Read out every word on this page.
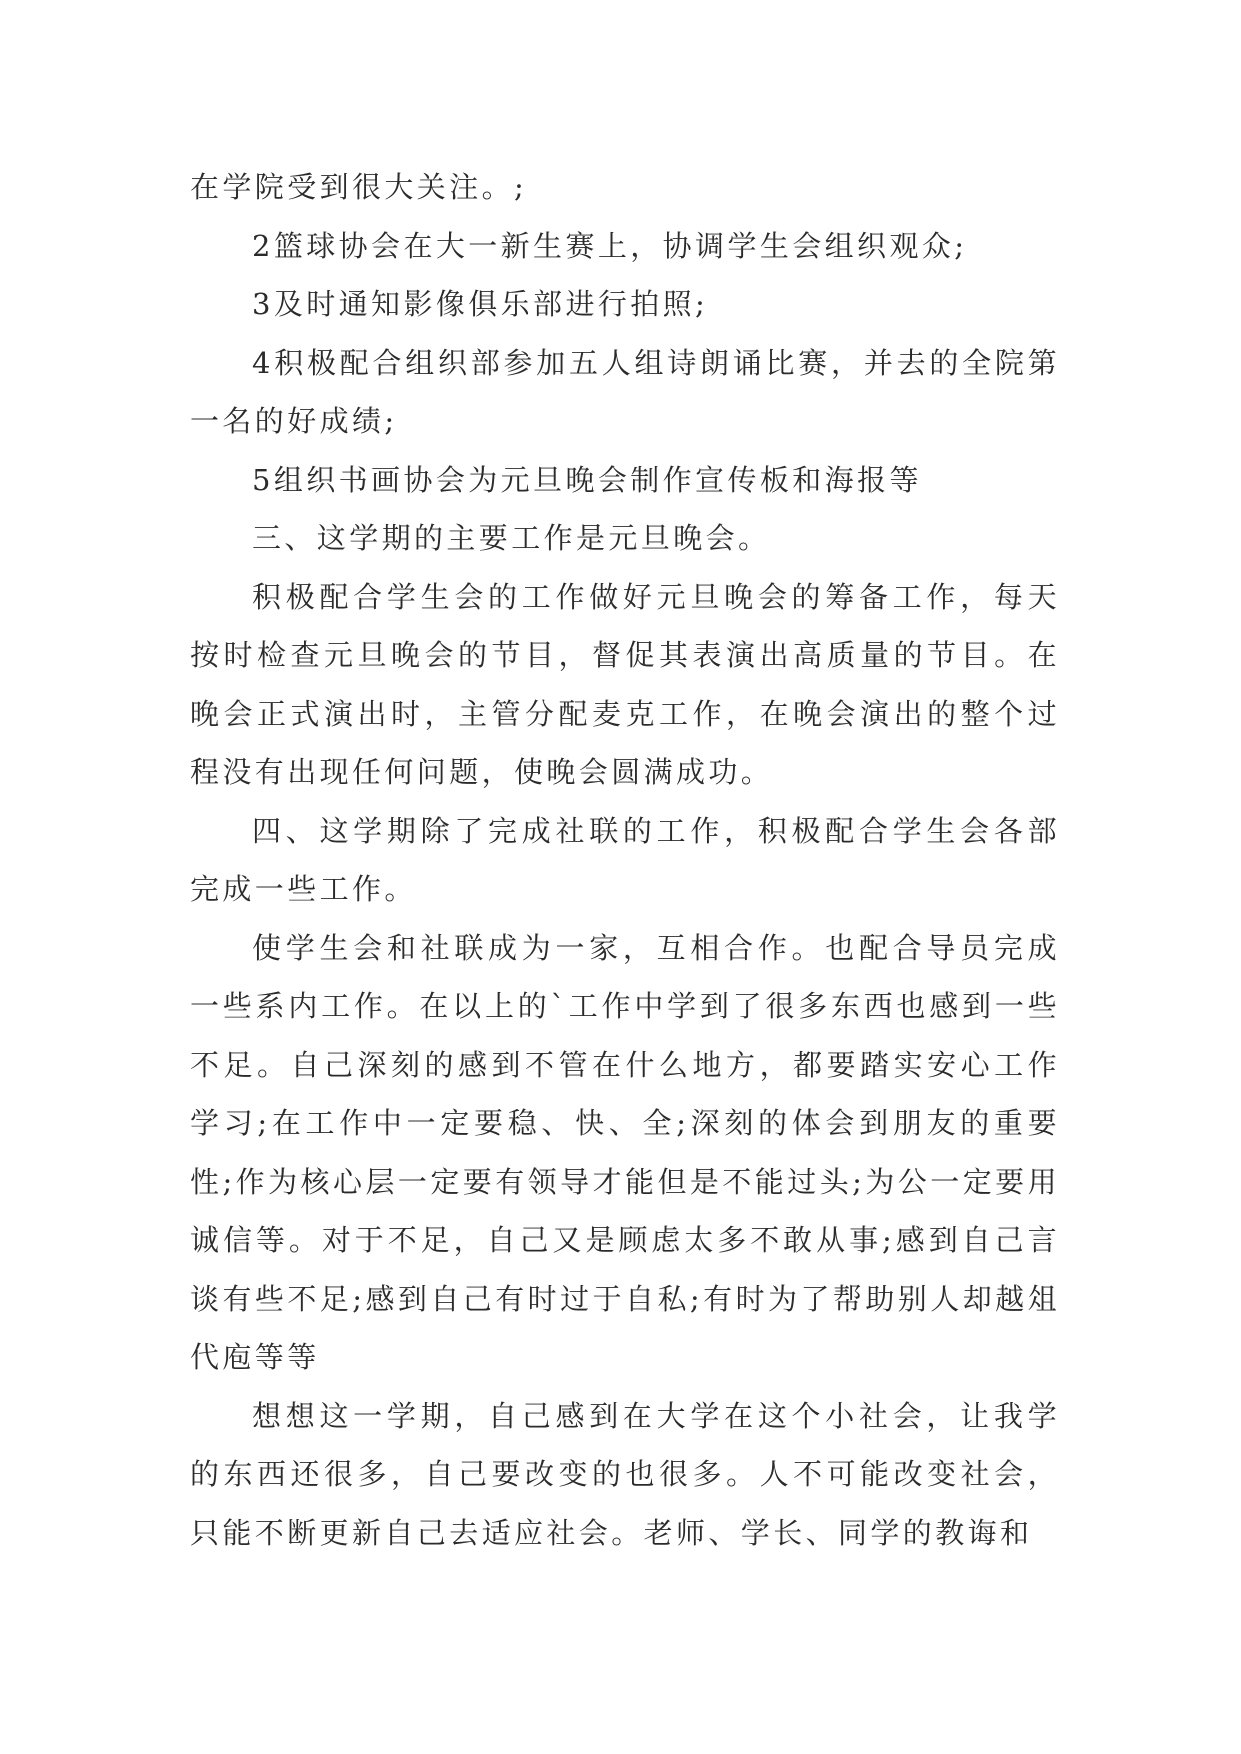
在学院受到很大关注。;

2篮球协会在大一新生赛上，协调学生会组织观众;

3及时通知影像俱乐部进行拍照;

4积极配合组织部参加五人组诗朗诵比赛，并去的全院第一名的好成绩;

5组织书画协会为元旦晚会制作宣传板和海报等

三、这学期的主要工作是元旦晚会。

积极配合学生会的工作做好元旦晚会的筹备工作，每天按时检查元旦晚会的节目，督促其表演出高质量的节目。在晚会正式演出时，主管分配麦克工作，在晚会演出的整个过程没有出现任何问题，使晚会圆满成功。

四、这学期除了完成社联的工作，积极配合学生会各部完成一些工作。

使学生会和社联成为一家，互相合作。也配合导员完成一些系内工作。在以上的`工作中学到了很多东西也感到一些不足。自己深刻的感到不管在什么地方，都要踏实安心工作学习;在工作中一定要稳、快、全;深刻的体会到朋友的重要性;作为核心层一定要有领导才能但是不能过头;为公一定要用诚信等。对于不足，自己又是顾虑太多不敢从事;感到自己言谈有些不足;感到自己有时过于自私;有时为了帮助别人却越俎代庖等等

想想这一学期，自己感到在大学在这个小社会，让我学的东西还很多，自己要改变的也很多。人不可能改变社会，只能不断更新自己去适应社会。老师、学长、同学的教诲和
